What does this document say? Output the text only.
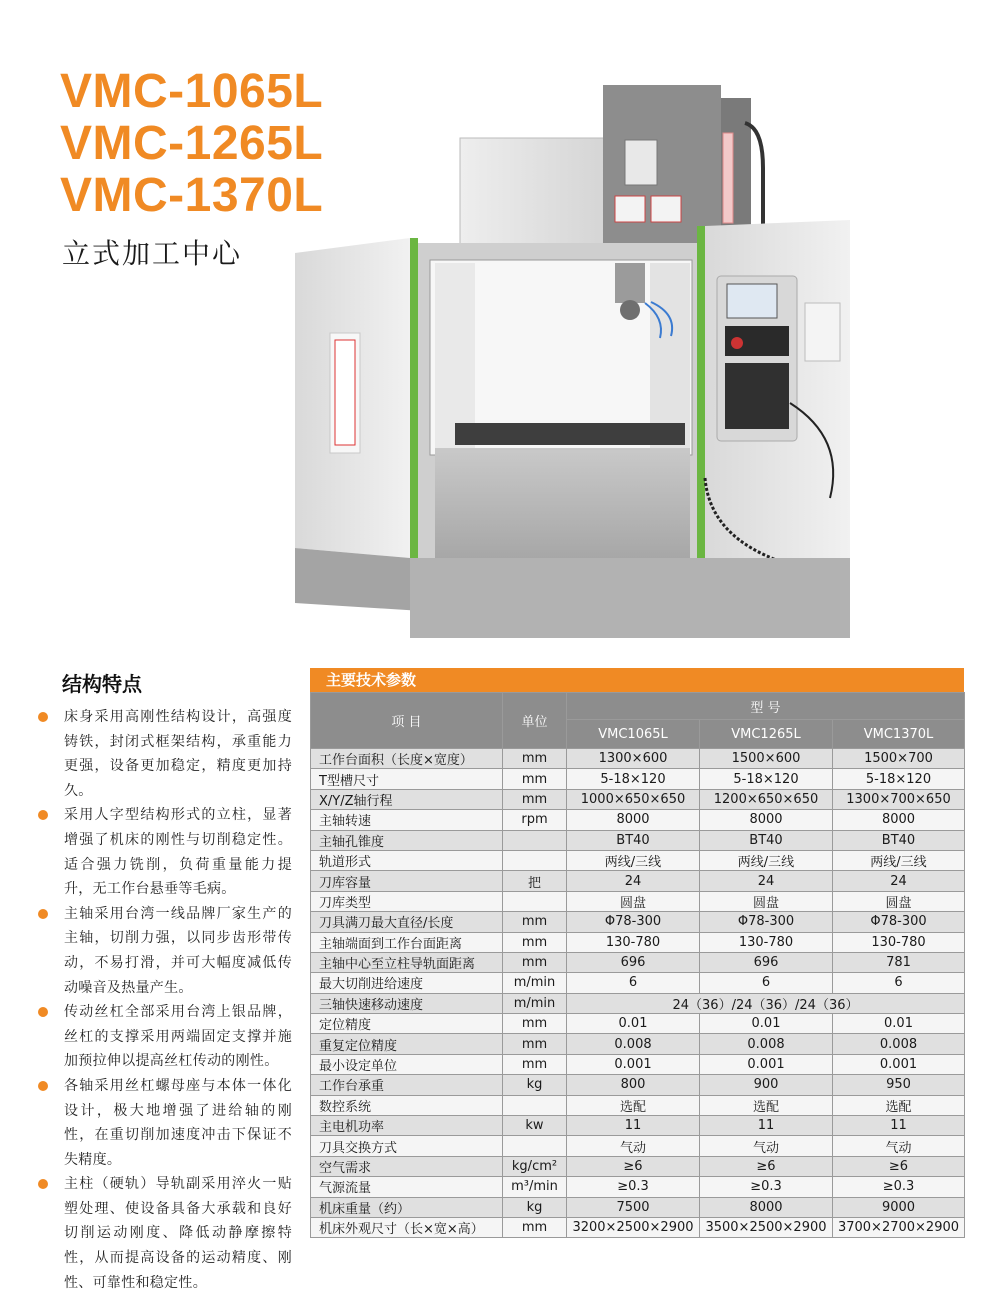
VMC-1065L
VMC-1265L
VMC-1370L
立式加工中心
结构特点
床身采用高刚性结构设计，高强度铸铁，封闭式框架结构，承重能力更强，设备更加稳定，精度更加持久。
采用人字型结构形式的立柱，显著增强了机床的刚性与切削稳定性。适合强力铣削，负荷重量能力提升，无工作台悬垂等毛病。
主轴采用台湾一线品牌厂家生产的主轴，切削力强，以同步齿形带传动，不易打滑，并可大幅度减低传动噪音及热量产生。
传动丝杠全部采用台湾上银品牌，丝杠的支撑采用两端固定支撑并施加预拉伸以提高丝杠传动的刚性。
各轴采用丝杠螺母座与本体一体化设计，极大地增强了进给轴的刚性，在重切削加速度冲击下保证不失精度。
主柱（硬轨）导轨副采用淬火一贴塑处理、使设备具备大承载和良好切削运动刚度、降低动静摩擦特性，从而提高设备的运动精度、刚性、可靠性和稳定性。
主要技术参数
项 目	单位	型 号		
		VMC1065L	VMC1265L	VMC1370L
工作台面积（长度×宽度）	mm	1300×600	1500×600	1500×700
T型槽尺寸	mm	5-18×120	5-18×120	5-18×120
X/Y/Z轴行程	mm	1000×650×650	1200×650×650	1300×700×650
主轴转速	rpm	8000	8000	8000
主轴孔锥度		BT40	BT40	BT40
轨道形式		两线/三线	两线/三线	两线/三线
刀库容量	把	24	24	24
刀库类型		圆盘	圆盘	圆盘
刀具满刀最大直径/长度	mm	Φ78-300	Φ78-300	Φ78-300
主轴端面到工作台面距离	mm	130-780	130-780	130-780
主轴中心至立柱导轨面距离	mm	696	696	781
最大切削进给速度	m/min	6	6	6
三轴快速移动速度	m/min	24（36）/24（36）/24（36）		
定位精度	mm	0.01	0.01	0.01
重复定位精度	mm	0.008	0.008	0.008
最小设定单位	mm	0.001	0.001	0.001
工作台承重	kg	800	900	950
数控系统		选配	选配	选配
主电机功率	kw	11	11	11
刀具交换方式		气动	气动	气动
空气需求	kg/cm²	≥6	≥6	≥6
气源流量	m³/min	≥0.3	≥0.3	≥0.3
机床重量（约）	kg	7500	8000	9000
机床外观尺寸（长×宽×高）	mm	3200×2500×2900	3500×2500×2900	3700×2700×2900
